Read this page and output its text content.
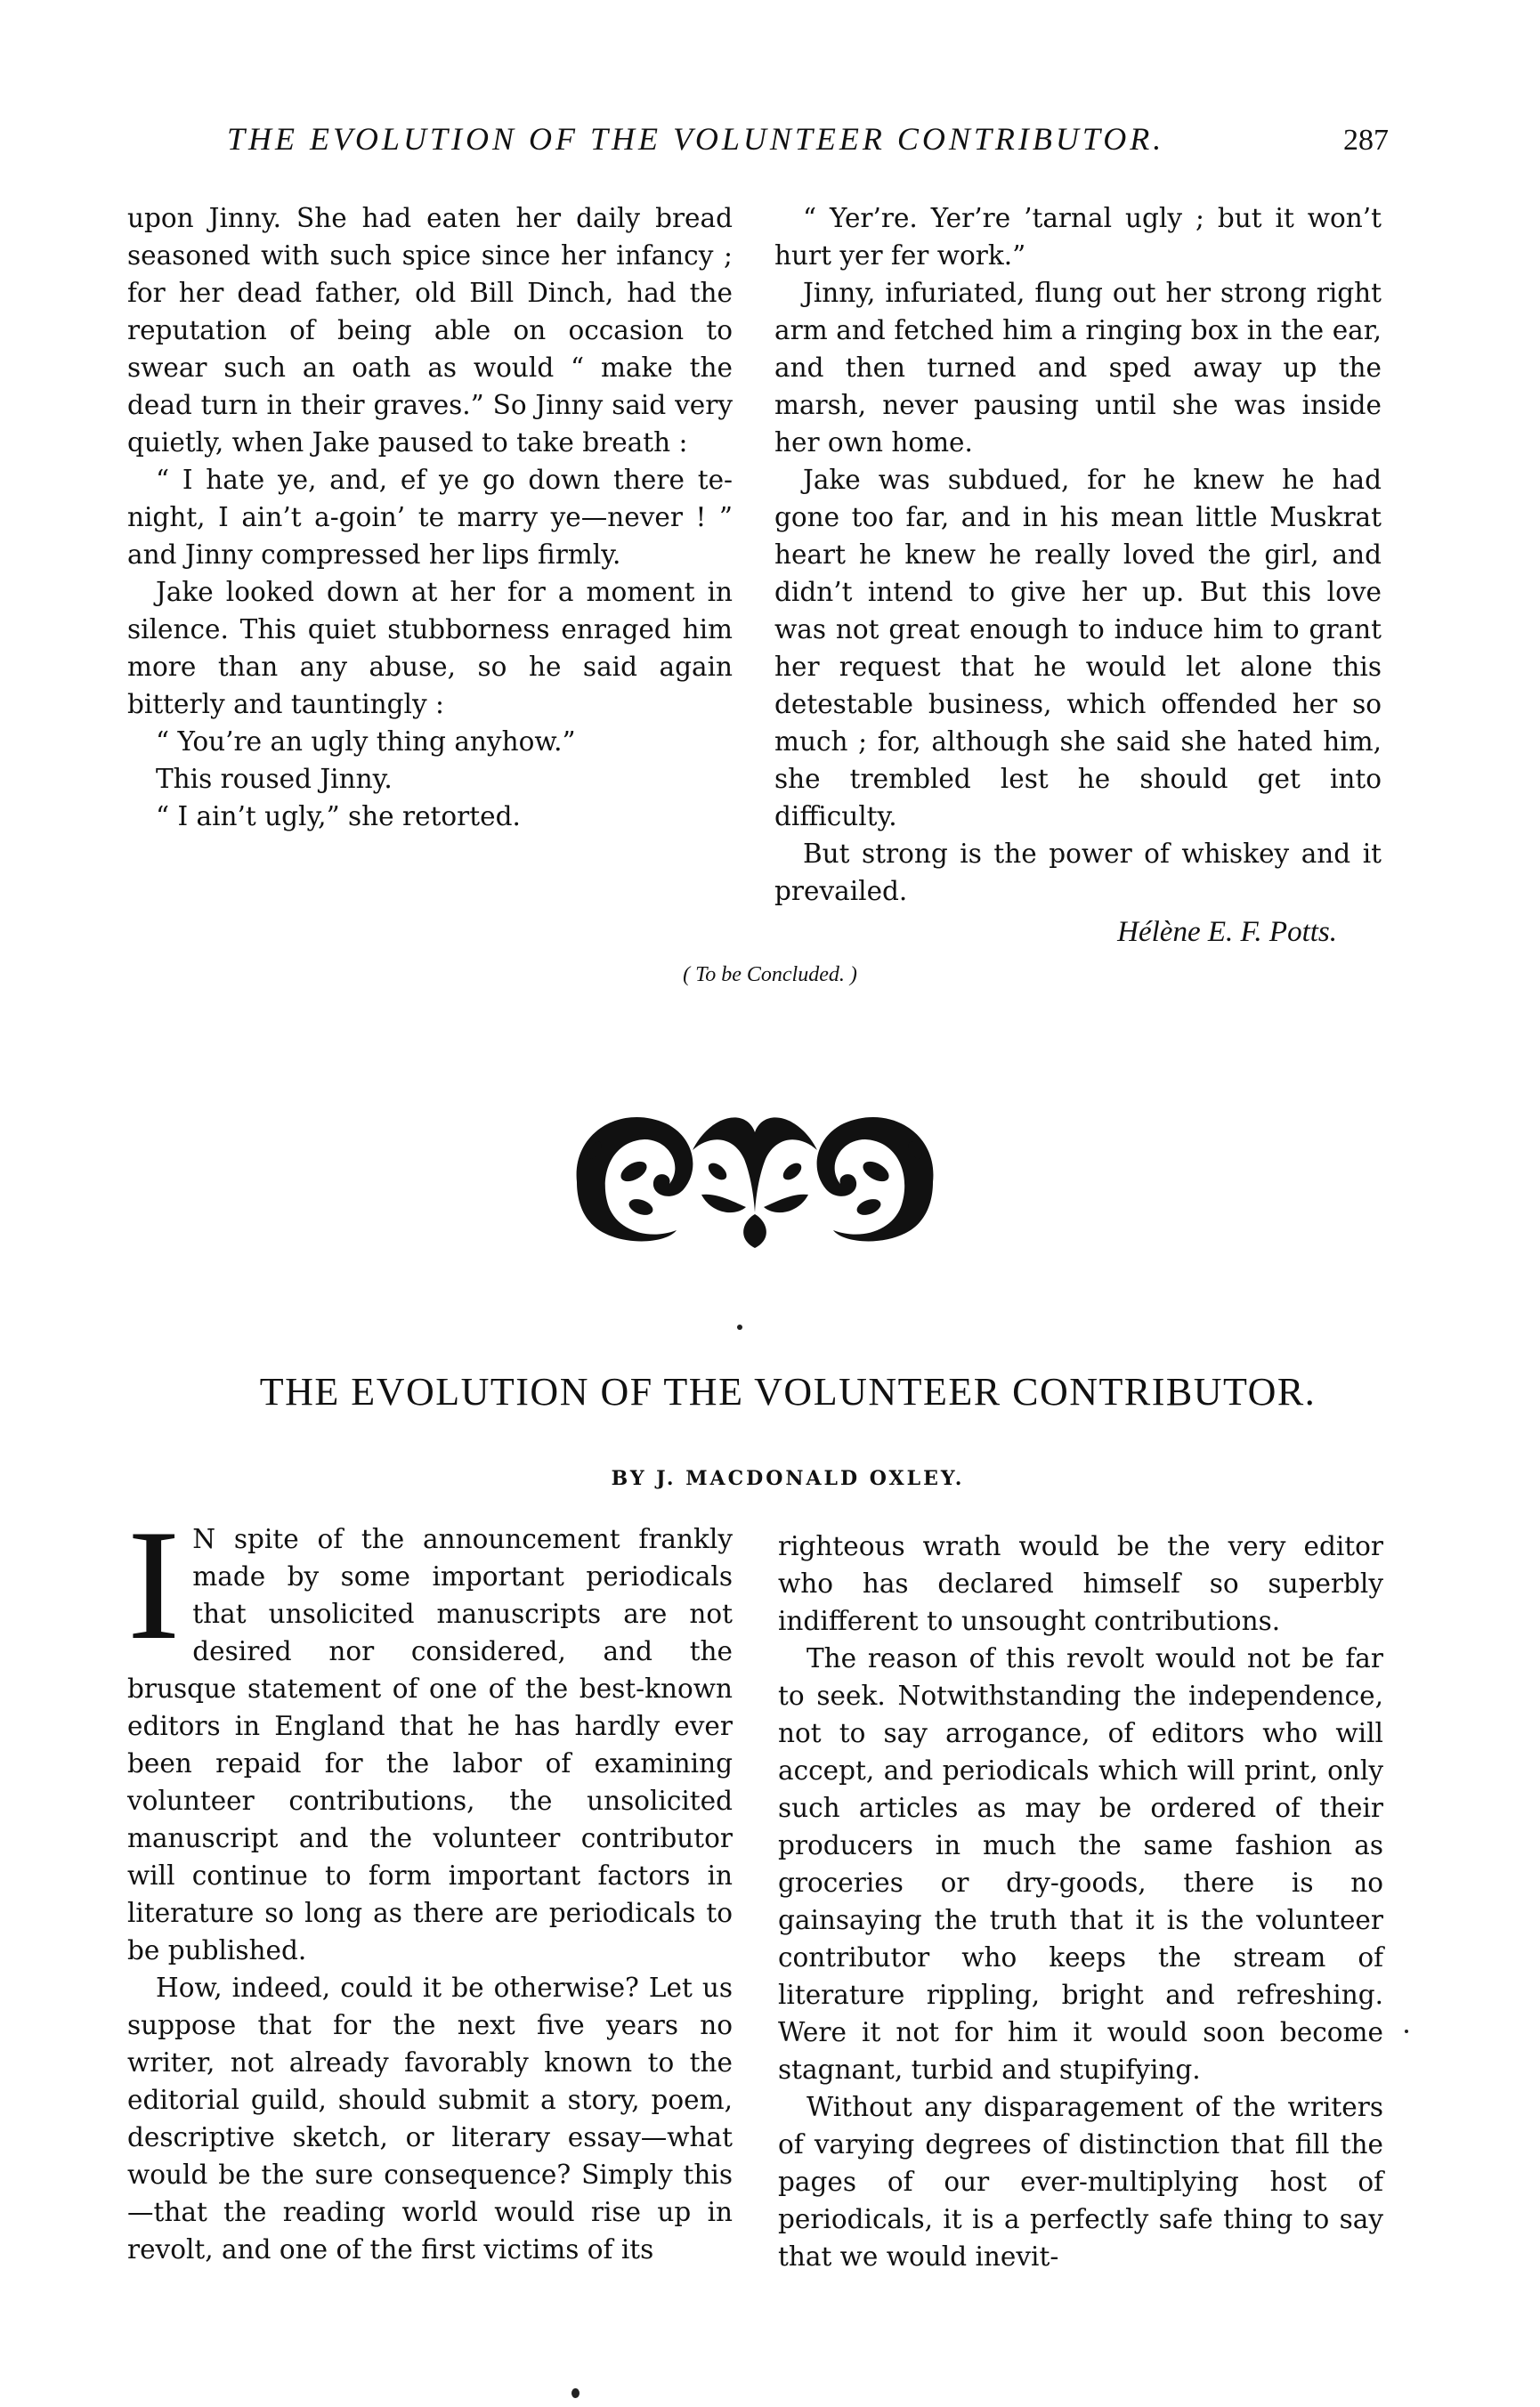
THE EVOLUTION OF THE VOLUNTEER CONTRIBUTOR.	287

upon Jinny. She had eaten her daily bread seasoned with such spice since her infancy ; for her dead father, old Bill Dinch, had the reputation of being able on occasion to swear such an oath as would “ make the dead turn in their graves.” So Jinny said very quietly, when Jake paused to take breath :

“ I hate ye, and, ef ye go down there te-night, I ain’t a-goin’ te marry ye—never ! ” and Jinny compressed her lips firmly.

Jake looked down at her for a moment in silence. This quiet stubborness enraged him more than any abuse, so he said again bitterly and tauntingly :

“ You’re an ugly thing anyhow.”

This roused Jinny.

“ I ain’t ugly,” she retorted.

“ Yer’re. Yer’re ’tarnal ugly ; but it won’t hurt yer fer work.”

Jinny, infuriated, flung out her strong right arm and fetched him a ringing box in the ear, and then turned and sped away up the marsh, never pausing until she was inside her own home.

Jake was subdued, for he knew he had gone too far, and in his mean little Muskrat heart he knew he really loved the girl, and didn’t intend to give her up. But this love was not great enough to induce him to grant her request that he would let alone this detestable business, which offended her so much ; for, although she said she hated him, she trembled lest he should get into difficulty.

But strong is the power of whiskey and it prevailed.

Hélène E. F. Potts.

( To be Concluded. )
THE EVOLUTION OF THE VOLUNTEER CONTRIBUTOR.
BY J. MACDONALD OXLEY.

I N spite of the announcement frankly made by some important periodicals that unsolicited manuscripts are not desired nor considered, and the brusque statement of one of the best-known editors in England that he has hardly ever been repaid for the labor of examining volunteer contributions, the unsolicited manuscript and the volunteer contributor will continue to form important factors in literature so long as there are periodicals to be published.

How, indeed, could it be otherwise? Let us suppose that for the next five years no writer, not already favorably known to the editorial guild, should submit a story, poem, descriptive sketch, or literary essay—what would be the sure consequence? Simply this—that the reading world would rise up in revolt, and one of the first victims of its

righteous wrath would be the very editor who has declared himself so superbly indifferent to unsought contributions.

The reason of this revolt would not be far to seek. Notwithstanding the independence, not to say arrogance, of editors who will accept, and periodicals which will print, only such articles as may be ordered of their producers in much the same fashion as groceries or dry-goods, there is no gainsaying the truth that it is the volunteer contributor who keeps the stream of literature rippling, bright and refreshing. Were it not for him it would soon become stagnant, turbid and stupifying.

Without any disparagement of the writers of varying degrees of distinction that fill the pages of our ever-multiplying host of periodicals, it is a perfectly safe thing to say that we would inevit-
